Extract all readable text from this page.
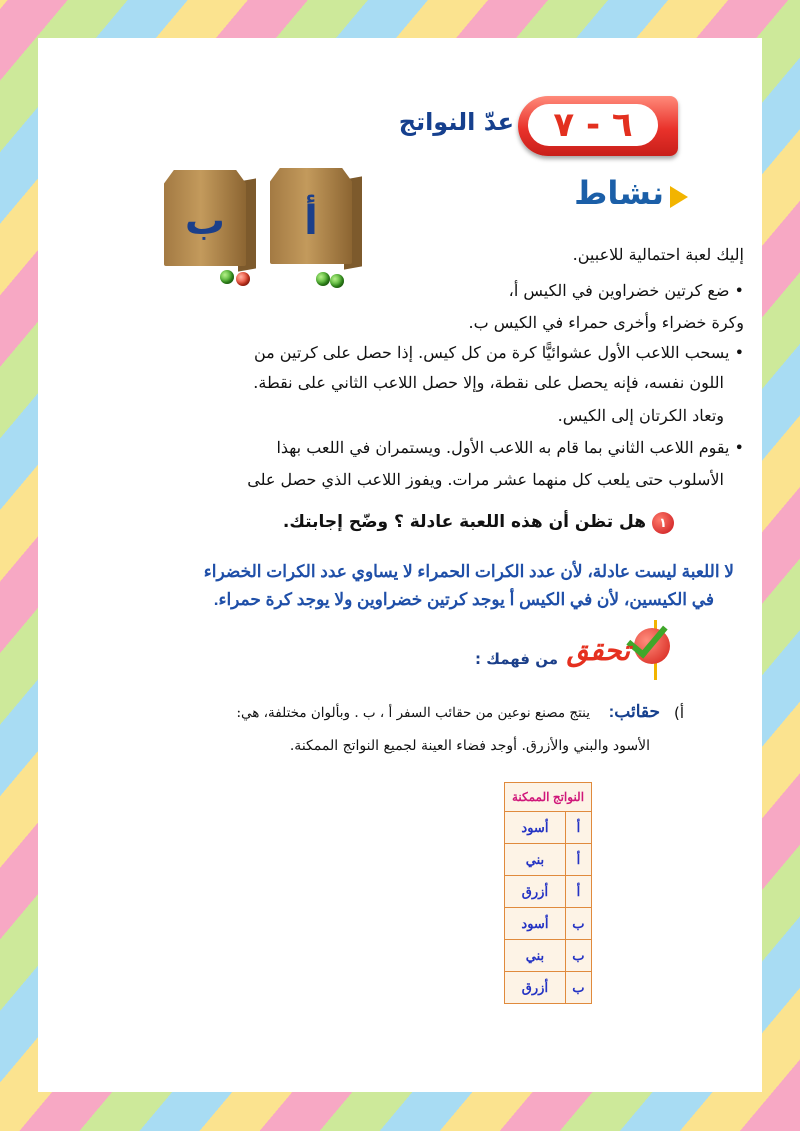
٦ - ٧
عدّ النواتج
نشاط
أ
ب
إليك لعبة احتمالية للاعبين.
• ضع كرتين خضراوين في الكيس أ،
وكرة خضراء وأخرى حمراء في الكيس ب.
• يسحب اللاعب الأول عشوائيًّا كرة من كل كيس. إذا حصل على كرتين من
اللون نفسه، فإنه يحصل على نقطة، وإلا حصل اللاعب الثاني على نقطة.
وتعاد الكرتان إلى الكيس.
• يقوم اللاعب الثاني بما قام به اللاعب الأول. ويستمران في اللعب بهذا
الأسلوب حتى يلعب كل منهما عشر مرات. ويفوز اللاعب الذي حصل على
١
هل تظن أن هذه اللعبة عادلة ؟ وضّح إجابتك.
لا اللعبة ليست عادلة، لأن عدد الكرات الحمراء لا يساوي عدد الكرات الخضراء
في الكيسين، لأن في الكيس أ يوجد كرتين خضراوين ولا يوجد كرة حمراء.
تحقق
من فهمك :
أ)
حقائب:
ينتج مصنع نوعين من حقائب السفر أ ، ب . وبألوان مختلفة، هي:
الأسود والبني والأزرق. أوجد فضاء العينة لجميع النواتج الممكنة.
النواتج الممكنة	
أ	أسود
أ	بني
أ	أزرق
ب	أسود
ب	بني
ب	أزرق
